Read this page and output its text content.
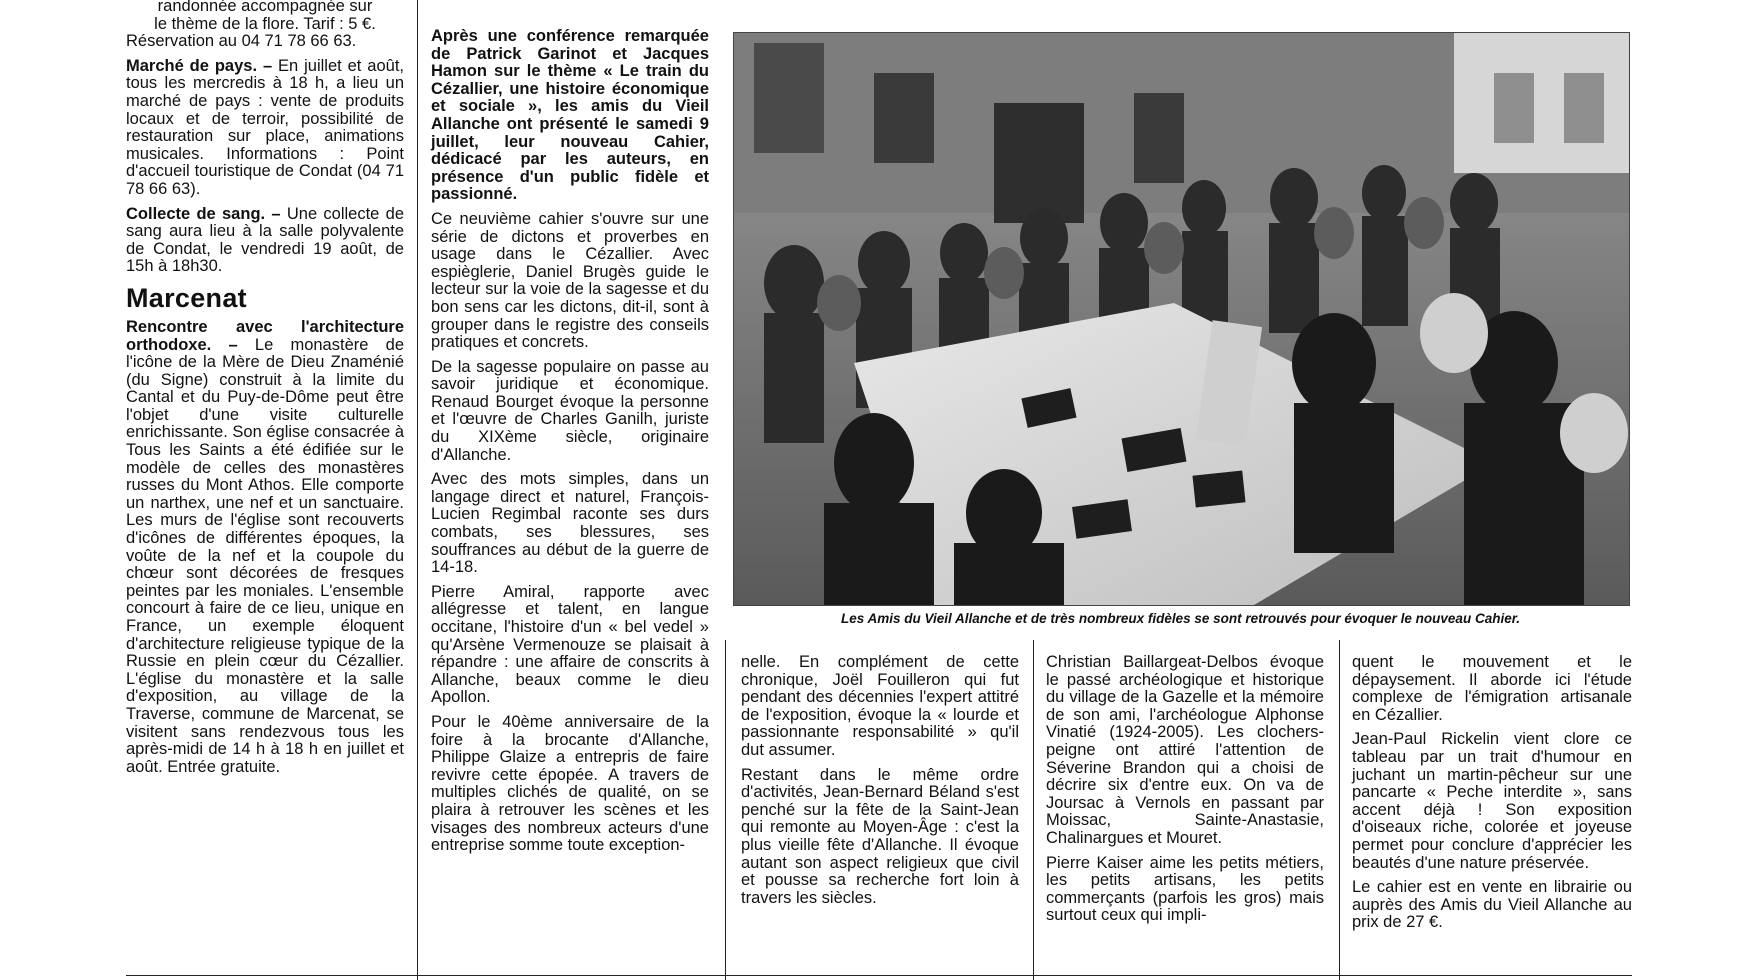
randonnée accompagnée sur
le thème de la flore. Tarif : 5 €.
Réservation au 04 71 78 66 63.

Marché de pays. – En juillet et août, tous les mercredis à 18 h, a lieu un marché de pays : vente de produits locaux et de terroir, possibilité de restauration sur place, animations musicales. Informations : Point d'accueil touristique de Condat (04 71 78 66 63).

Collecte de sang. – Une collecte de sang aura lieu à la salle polyvalente de Condat, le vendredi 19 août, de 15h à 18h30.

Marcenat

Rencontre avec l'architecture orthodoxe. – Le monastère de l'icône de la Mère de Dieu Znaménié (du Signe) construit à la limite du Cantal et du Puy-de-Dôme peut être l'objet d'une visite culturelle enrichissante. Son église consacrée à Tous les Saints a été édifiée sur le modèle de celles des monastères russes du Mont Athos. Elle comporte un narthex, une nef et un sanctuaire. Les murs de l'église sont recouverts d'icônes de différentes époques, la voûte de la nef et la coupole du chœur sont décorées de fresques peintes par les moniales. L'ensemble concourt à faire de ce lieu, unique en France, un exemple éloquent d'architecture religieuse typique de la Russie en plein cœur du Cézallier. L'église du monastère et la salle d'exposition, au village de la Traverse, commune de Marcenat, se visitent sans rendezvous tous les après-midi de 14 h à 18 h en juillet et août. Entrée gratuite.

Après une conférence remarquée de Patrick Garinot et Jacques Hamon sur le thème « Le train du Cézallier, une histoire économique et sociale », les amis du Vieil Allanche ont présenté le samedi 9 juillet, leur nouveau Cahier, dédicacé par les auteurs, en présence d'un public fidèle et passionné.

Ce neuvième cahier s'ouvre sur une série de dictons et proverbes en usage dans le Cézallier. Avec espièglerie, Daniel Brugès guide le lecteur sur la voie de la sagesse et du bon sens car les dictons, dit-il, sont à grouper dans le registre des conseils pratiques et concrets.

De la sagesse populaire on passe au savoir juridique et économique. Renaud Bourget évoque la personne et l'œuvre de Charles Ganilh, juriste du XIXème siècle, originaire d'Allanche.

Avec des mots simples, dans un langage direct et naturel, François-Lucien Regimbal raconte ses durs combats, ses blessures, ses souffrances au début de la guerre de 14-18.

Pierre Amiral, rapporte avec allégresse et talent, en langue occitane, l'histoire d'un « bel vedel » qu'Arsène Vermenouze se plaisait à répandre : une affaire de conscrits à Allanche, beaux comme le dieu Apollon.

Pour le 40ème anniversaire de la foire à la brocante d'Allanche, Philippe Glaize a entrepris de faire revivre cette épopée. A travers de multiples clichés de qualité, on se plaira à retrouver les scènes et les visages des nombreux acteurs d'une entreprise somme toute exception-

Les Amis du Vieil Allanche et de très nombreux fidèles se sont retrouvés pour évoquer le nouveau Cahier.

nelle. En complément de cette chronique, Joël Fouilleron qui fut pendant des décennies l'expert attitré de l'exposition, évoque la « lourde et passionnante responsabilité » qu'il dut assumer.

Restant dans le même ordre d'activités, Jean-Bernard Béland s'est penché sur la fête de la Saint-Jean qui remonte au Moyen-Âge : c'est la plus vieille fête d'Allanche. Il évoque autant son aspect religieux que civil et pousse sa recherche fort loin à travers les siècles.

Christian Baillargeat-Delbos évoque le passé archéologique et historique du village de la Gazelle et la mémoire de son ami, l'archéologue Alphonse Vinatié (1924-2005). Les clochers-peigne ont attiré l'attention de Séverine Brandon qui a choisi de décrire six d'entre eux. On va de Joursac à Vernols en passant par Moissac, Sainte-Anastasie, Chalinargues et Mouret.

Pierre Kaiser aime les petits métiers, les petits artisans, les petits commerçants (parfois les gros) mais surtout ceux qui impli-

quent le mouvement et le dépaysement. Il aborde ici l'étude complexe de l'émigration artisanale en Cézallier.

Jean-Paul Rickelin vient clore ce tableau par un trait d'humour en juchant un martin-pêcheur sur une pancarte « Peche interdite », sans accent déjà ! Son exposition d'oiseaux riche, colorée et joyeuse permet pour conclure d'apprécier les beautés d'une nature préservée.

Le cahier est en vente en librairie ou auprès des Amis du Vieil Allanche au prix de 27 €.
